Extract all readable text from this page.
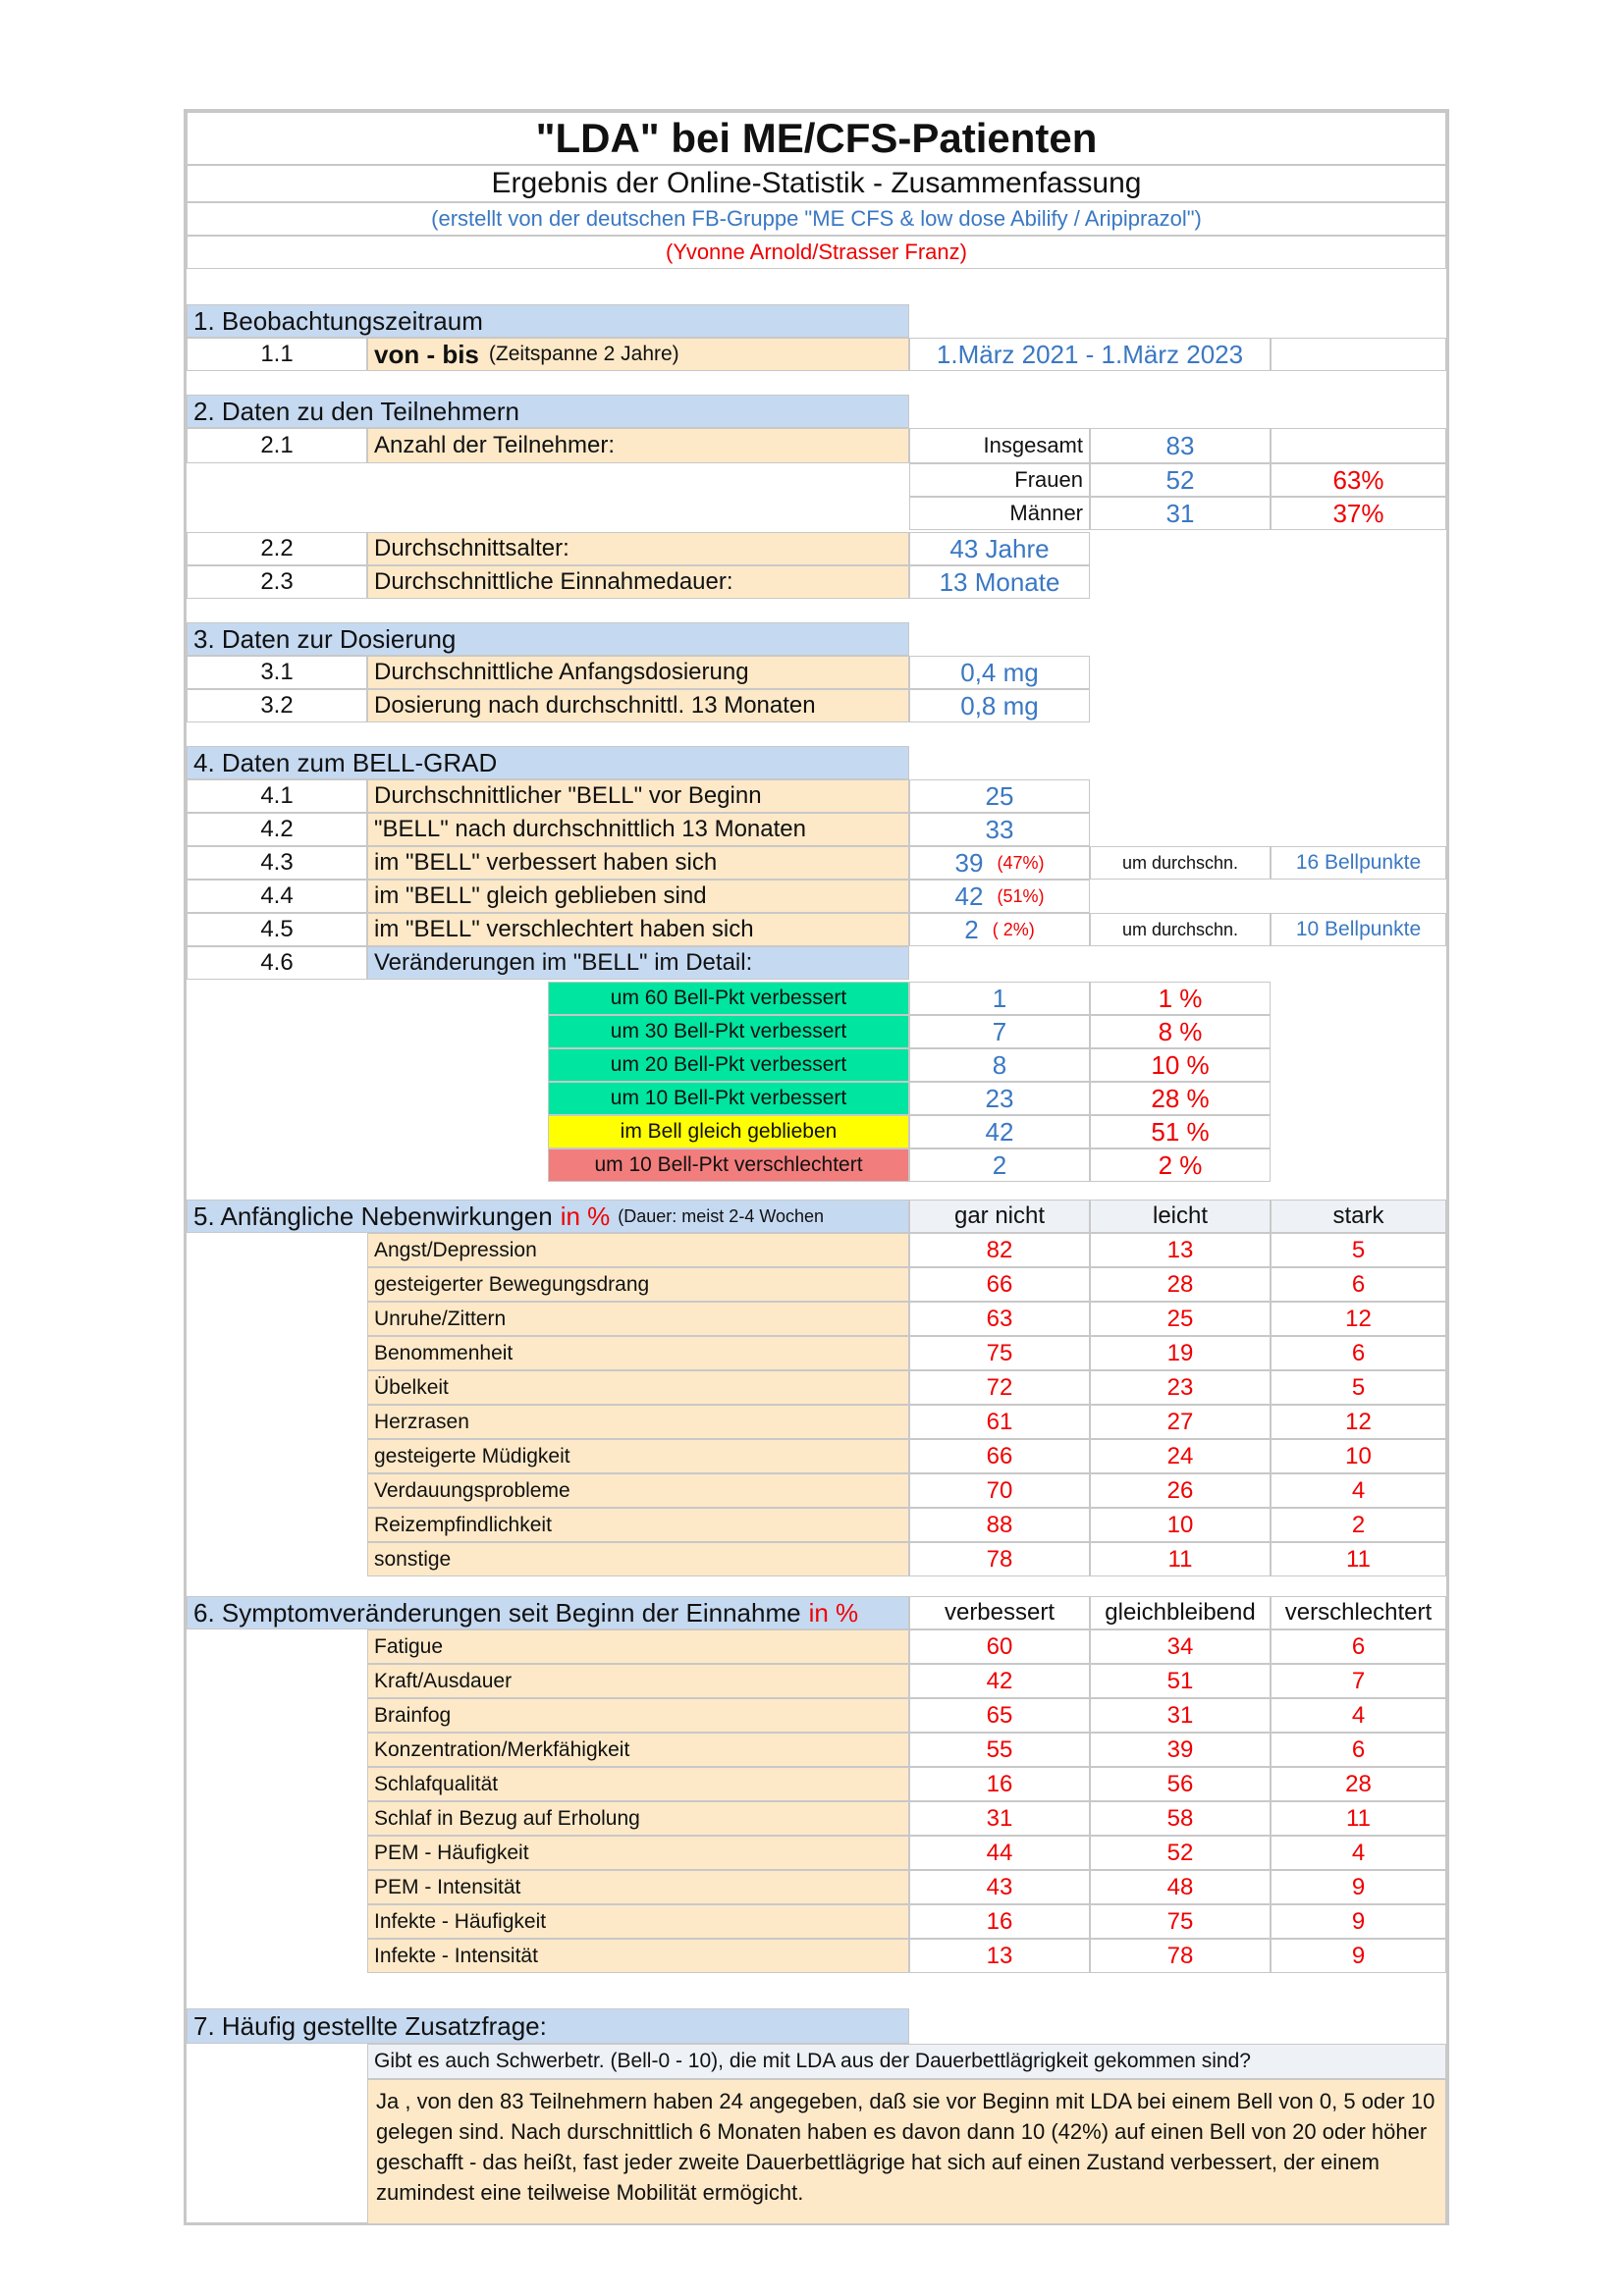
"LDA" bei ME/CFS-Patienten
Ergebnis der Online-Statistik - Zusammenfassung
(erstellt von der deutschen FB-Gruppe "ME CFS & low dose Abilify / Aripiprazol")
(Yvonne Arnold/Strasser Franz)
1. Beobachtungszeitraum
1.1	von - bis (Zeitspanne 2 Jahre)	1.März 2021 - 1.März 2023
2. Daten zu den Teilnehmern
2.1	Anzahl der Teilnehmer:	Insgesamt	83
Frauen	52	63%
Männer	31	37%
2.2	Durchschnittsalter:	43 Jahre
2.3	Durchschnittliche Einnahmedauer:	13 Monate
3. Daten zur Dosierung
3.1	Durchschnittliche Anfangsdosierung	0,4 mg
3.2	Dosierung nach durchschnittl. 13 Monaten	0,8 mg
4. Daten zum BELL-GRAD
4.1	Durchschnittlicher "BELL" vor Beginn	25
4.2	"BELL" nach durchschnittlich 13 Monaten	33
4.3	im "BELL" verbessert haben sich	39 (47%)	um durchschn.	16 Bellpunkte
4.4	im "BELL" gleich geblieben sind	42 (51%)
4.5	im "BELL" verschlechtert haben sich	2 ( 2%)	um durchschn.	10 Bellpunkte
4.6	Veränderungen im "BELL" im Detail:
um 60 Bell-Pkt verbessert	1	1 %
um 30 Bell-Pkt verbessert	7	8 %
um 20 Bell-Pkt verbessert	8	10 %
um 10 Bell-Pkt verbessert	23	28 %
im Bell gleich geblieben	42	51 %
um 10 Bell-Pkt verschlechtert	2	2 %
5. Anfängliche Nebenwirkungen in % (Dauer: meist 2-4 Wochen	gar nicht	leicht	stark
Angst/Depression	82	13	5
gesteigerter Bewegungsdrang	66	28	6
Unruhe/Zittern	63	25	12
Benommenheit	75	19	6
Übelkeit	72	23	5
Herzrasen	61	27	12
gesteigerte Müdigkeit	66	24	10
Verdauungsprobleme	70	26	4
Reizempfindlichkeit	88	10	2
sonstige	78	11	11
6. Symptomveränderungen seit Beginn der Einnahme in %	verbessert	gleichbleibend	verschlechtert
Fatigue	60	34	6
Kraft/Ausdauer	42	51	7
Brainfog	65	31	4
Konzentration/Merkfähigkeit	55	39	6
Schlafqualität	16	56	28
Schlaf in Bezug auf Erholung	31	58	11
PEM - Häufigkeit	44	52	4
PEM - Intensität	43	48	9
Infekte - Häufigkeit	16	75	9
Infekte - Intensität	13	78	9
7. Häufig gestellte Zusatzfrage:
Gibt es auch Schwerbetr. (Bell-0 - 10), die mit LDA aus der Dauerbettlägrigkeit gekommen sind?
Ja , von den 83 Teilnehmern haben 24 angegeben, daß sie vor Beginn mit LDA bei einem Bell von 0, 5 oder 10 gelegen sind. Nach durschnittlich 6 Monaten haben es davon dann 10 (42%) auf einen Bell von 20 oder höher geschafft - das heißt, fast jeder zweite Dauerbettlägrige hat sich auf einen Zustand verbessert, der einem zumindest eine teilweise Mobilität ermögicht.
